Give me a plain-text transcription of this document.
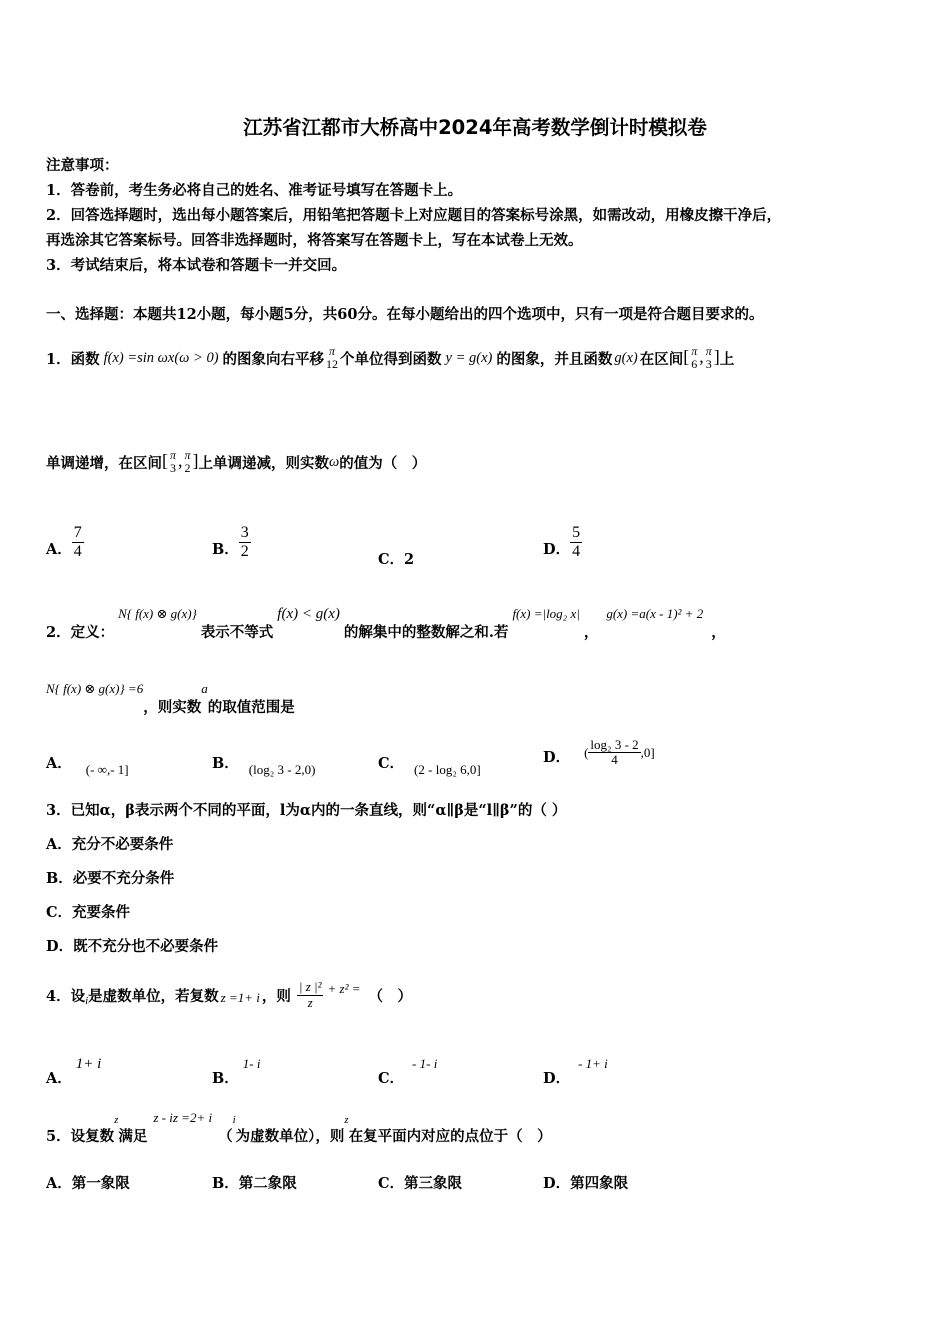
江苏省江都市大桥高中2024年高考数学倒计时模拟卷
注意事项：
1．答卷前，考生务必将自己的姓名、准考证号填写在答题卡上。
2．回答选择题时，选出每小题答案后，用铅笔把答题卡上对应题目的答案标号涂黑，如需改动，用橡皮擦干净后，
再选涂其它答案标号。回答非选择题时，将答案写在答题卡上，写在本试卷上无效。
3．考试结束后，将本试卷和答题卡一并交回。
一、选择题：本题共12小题，每小题5分，共60分。在每小题给出的四个选项中，只有一项是符合题目要求的。
1．函数 f(x) =sin ωx(ω > 0) 的图象向右平移 π
12 个单位得到函数 y = g(x) 的图象，并且函数 g(x) 在区间 [ π
6 , π
3 ] 上
单调递增，在区间 [ π
3 , π
2 ] 上单调递减，则实数 ω 的值为（　）
A． $\frac{7}{4}$	B． $\frac{3}{2}$	C．2
D． $\frac{5}{4}$
2．定义：
N{ f(x) ⊗ g(x)}
表示不等式
f(x) < g(x)
的解集中的整数解之和.若
f(x) =|log₂ x|
，
g(x) =a(x - 1)² + 2
，
N{ f(x) ⊗ g(x)} =6
，则实数
a
的取值范围是
A． (- ∞,- 1]	B． (log₂ 3 - 2,0)	C． (2 - log₂ 6,0]
D． ( $\frac{\text{log₂ 3 - 2}}{4} ,0$]
3．已知α，β表示两个不同的平面，l为α内的一条直线，则“α∥β是“l∥β”的（ ）
A．充分不必要条件
B．必要不充分条件
C．充要条件
D．既不充分也不必要条件
4．设 i 是虚数单位，若复数 z =1+ i ，则 $\frac{\text{| z |²}}{z} + z^2$ = （　）
A．1+ i
B．1- i
C．- 1- i
D．- 1+ i
5．设复数
z
满足
z - iz =2+ i
（
i
为虚数单位），则
z
在复平面内对应的点位于（　）
A．第一象限	B．第二象限	C．第三象限	D．第四象限
